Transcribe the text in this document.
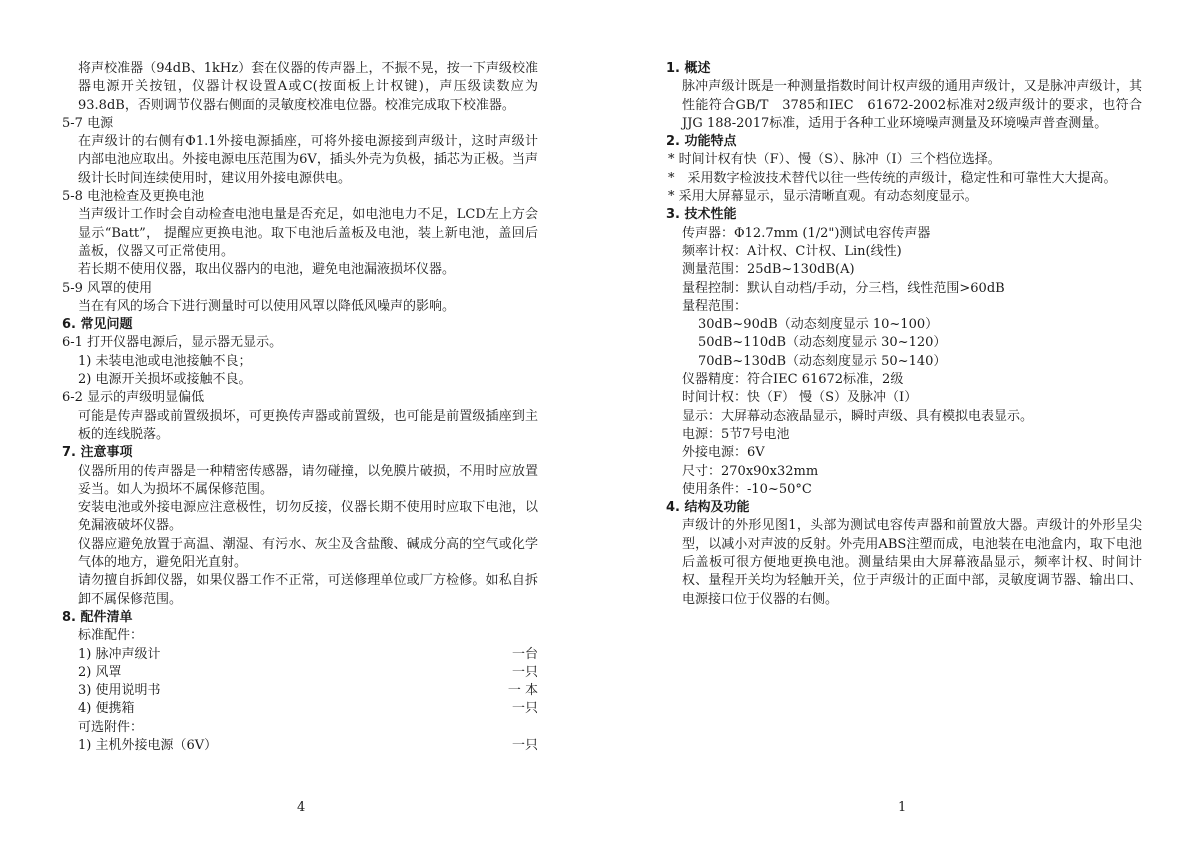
将声校准器（94dB、1kHz）套在仪器的传声器上，不振不晃，按一下声级校准器电源开关按钮，仪器计权设置A或C(按面板上计权键)，声压级读数应为93.8dB，否则调节仪器右侧面的灵敏度校准电位器。校准完成取下校准器。

5-7 电源

在声级计的右侧有Φ1.1外接电源插座，可将外接电源接到声级计，这时声级计内部电池应取出。外接电源电压范围为6V，插头外壳为负极，插芯为正极。当声级计长时间连续使用时，建议用外接电源供电。

5-8 电池检查及更换电池

当声级计工作时会自动检查电池电量是否充足，如电池电力不足，LCD左上方会显示“Batt”， 提醒应更换电池。取下电池后盖板及电池，装上新电池，盖回后盖板，仪器又可正常使用。

若长期不使用仪器，取出仪器内的电池，避免电池漏液损坏仪器。

5-9 风罩的使用

当在有风的场合下进行测量时可以使用风罩以降低风噪声的影响。

6. 常见问题

6-1 打开仪器电源后，显示器无显示。

1) 未装电池或电池接触不良；

2) 电源开关损坏或接触不良。

6-2 显示的声级明显偏低

可能是传声器或前置级损坏，可更换传声器或前置级，也可能是前置级插座到主板的连线脱落。

7. 注意事项

仪器所用的传声器是一种精密传感器，请勿碰撞，以免膜片破损，不用时应放置妥当。如人为损坏不属保修范围。

安装电池或外接电源应注意极性，切勿反接，仪器长期不使用时应取下电池，以免漏液破坏仪器。

仪器应避免放置于高温、潮湿、有污水、灰尘及含盐酸、碱成分高的空气或化学气体的地方，避免阳光直射。

请勿擅自拆卸仪器，如果仪器工作不正常，可送修理单位或厂方检修。如私自拆卸不属保修范围。

8. 配件清单

标准配件：

1) 脉冲声级计	一台
2) 风罩	一只
3) 使用说明书	一 本
4) 便携箱	一只

可选附件：

1) 主机外接电源（6V）	一只
4

1. 概述

脉冲声级计既是一种测量指数时间计权声级的通用声级计，又是脉冲声级计，其性能符合GB/T　3785和IEC　61672-2002标准对2级声级计的要求，也符合JJG 188-2017标准，适用于各种工业环境噪声测量及环境噪声普查测量。

2. 功能特点

* 时间计权有快（F）、慢（S）、脉冲（I）三个档位选择。

*　采用数字检波技术替代以往一些传统的声级计，稳定性和可靠性大大提高。

* 采用大屏幕显示，显示清晰直观。有动态刻度显示。

3. 技术性能

传声器：Φ12.7mm (1/2")测试电容传声器

频率计权：A计权、C计权、Lin(线性)

测量范围：25dB~130dB(A)

量程控制：默认自动档/手动，分三档，线性范围>60dB

量程范围：

30dB~90dB（动态刻度显示 10~100）

50dB~110dB（动态刻度显示 30~120）

70dB~130dB（动态刻度显示 50~140）

仪器精度：符合IEC 61672标准，2级

时间计权：快（F） 慢（S）及脉冲（I）

显示：大屏幕动态液晶显示，瞬时声级、具有模拟电表显示。

电源：5节7号电池

外接电源：6V

尺寸：270x90x32mm

使用条件：-10~50°C

4. 结构及功能

声级计的外形见图1，头部为测试电容传声器和前置放大器。声级计的外形呈尖型，以减小对声波的反射。外壳用ABS注塑而成，电池装在电池盒内，取下电池后盖板可很方便地更换电池。测量结果由大屏幕液晶显示，频率计权、时间计权、量程开关均为轻触开关，位于声级计的正面中部，灵敏度调节器、输出口、电源接口位于仪器的右侧。

1
